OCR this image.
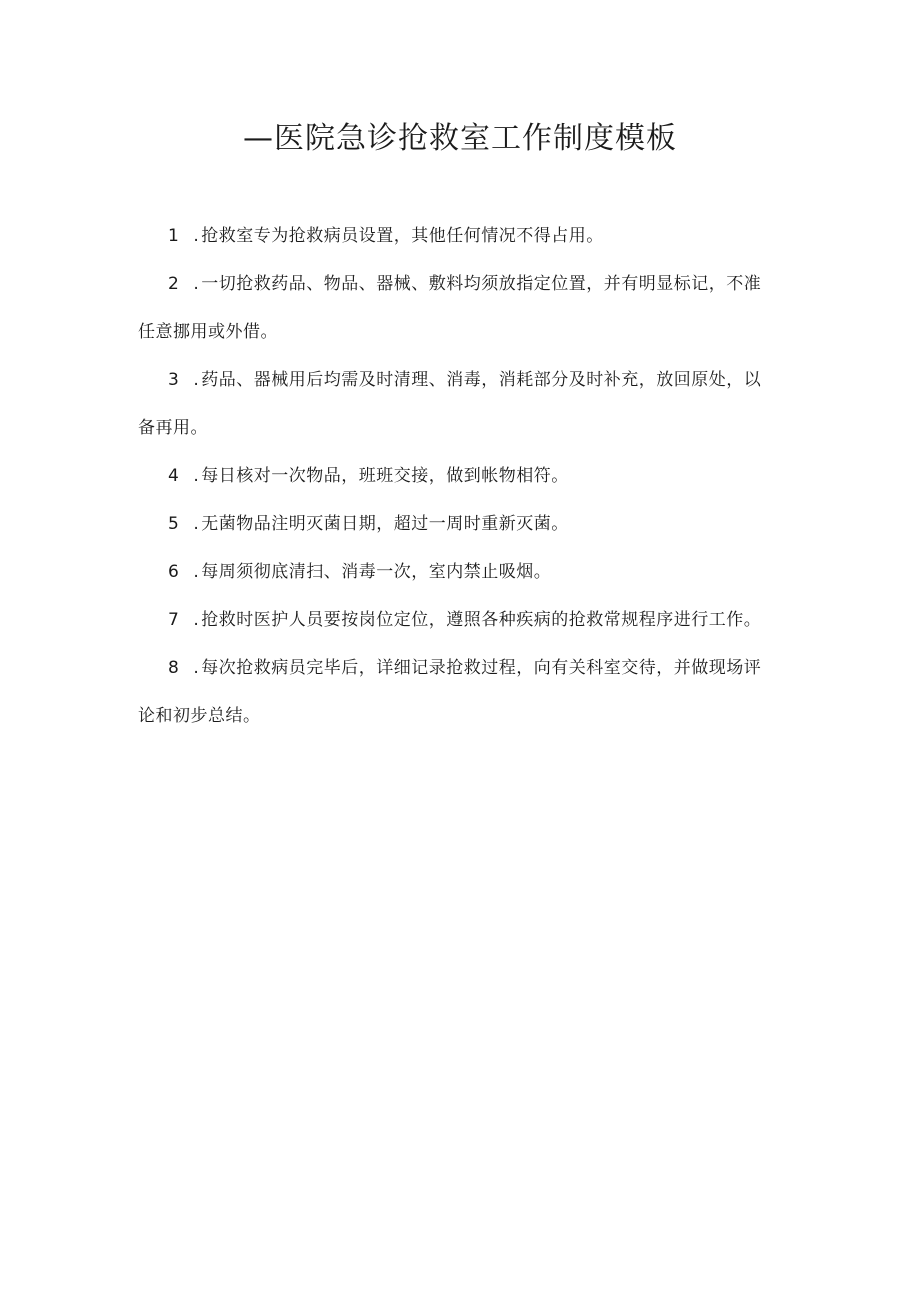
—医院急诊抢救室工作制度模板
1 . 抢救室专为抢救病员设置，其他任何情况不得占用。
2 . 一切抢救药品、物品、器械、敷料均须放指定位置，并有明显标记，不准任意挪用或外借。
3 . 药品、器械用后均需及时清理、消毒，消耗部分及时补充，放回原处，以备再用。
4 . 每日核对一次物品，班班交接，做到帐物相符。
5 . 无菌物品注明灭菌日期，超过一周时重新灭菌。
6 . 每周须彻底清扫、消毒一次，室内禁止吸烟。
7 . 抢救时医护人员要按岗位定位，遵照各种疾病的抢救常规程序进行工作。
8 . 每次抢救病员完毕后，详细记录抢救过程，向有关科室交待，并做现场评论和初步总结。
